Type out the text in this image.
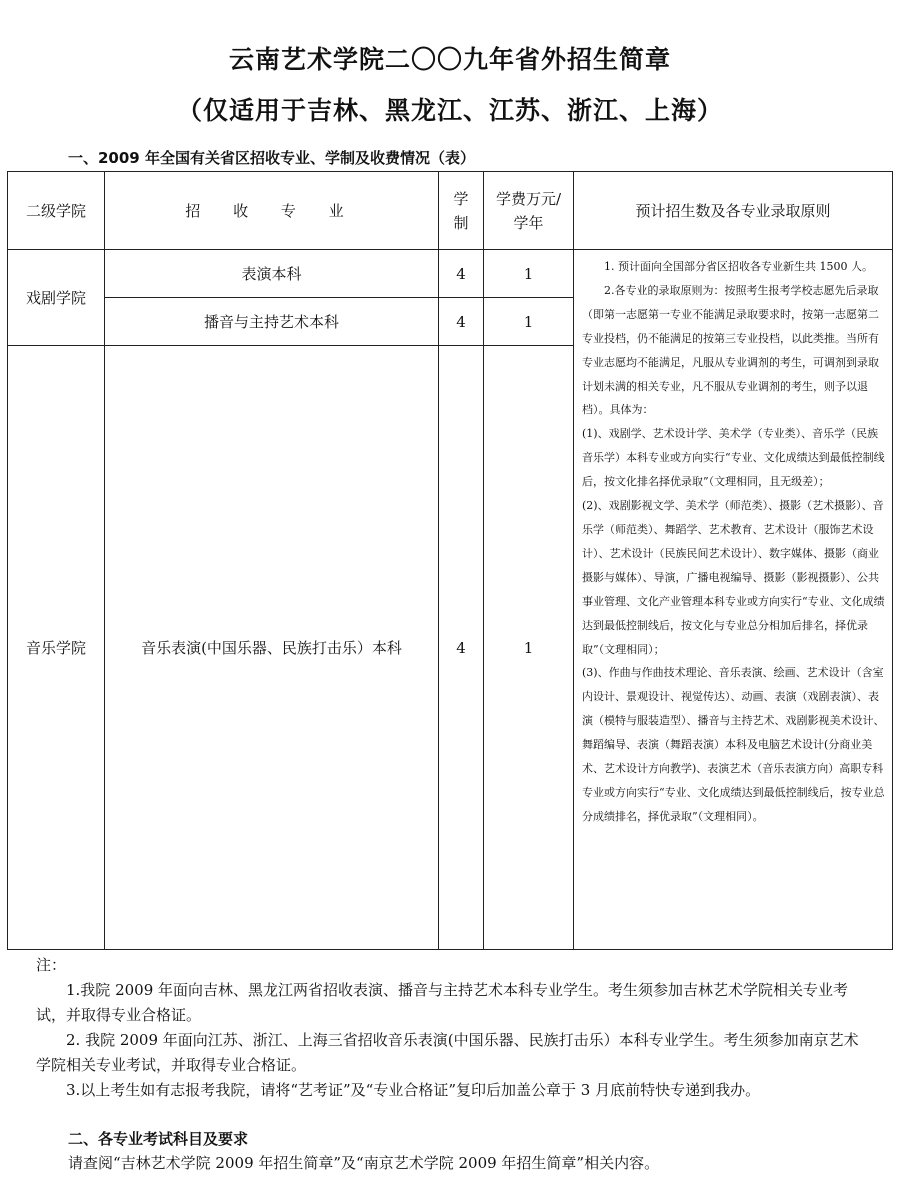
云南艺术学院二〇〇九年省外招生简章
（仅适用于吉林、黑龙江、江苏、浙江、上海）
一、2009 年全国有关省区招收专业、学制及收费情况（表）
二级学院	招 收 专 业	学制	学费万元/学年	预计招生数及各专业录取原则
戏剧学院	表演本科	4	1	1. 预计面向全国部分省区招收各专业新生共 1500 人。

2.各专业的录取原则为：按照考生报考学校志愿先后录取（即第一志愿第一专业不能满足录取要求时，按第一志愿第二专业投档，仍不能满足的按第三专业投档，以此类推。当所有专业志愿均不能满足，凡服从专业调剂的考生，可调剂到录取计划未满的相关专业，凡不服从专业调剂的考生，则予以退档）。具体为：

(1)、戏剧学、艺术设计学、美术学（专业类）、音乐学（民族音乐学）本科专业或方向实行“专业、文化成绩达到最低控制线后，按文化排名择优录取”（文理相同，且无级差）；

(2)、戏剧影视文学、美术学（师范类）、摄影（艺术摄影）、音乐学（师范类）、舞蹈学、艺术教育、艺术设计（服饰艺术设计）、艺术设计（民族民间艺术设计）、数字媒体、摄影（商业摄影与媒体）、导演，广播电视编导、摄影（影视摄影）、公共事业管理、文化产业管理本科专业或方向实行“专业、文化成绩达到最低控制线后，按文化与专业总分相加后排名，择优录取”（文理相同）；

(3)、作曲与作曲技术理论、音乐表演、绘画、艺术设计（含室内设计、景观设计、视觉传达）、动画、表演（戏剧表演）、表演（模特与服装造型）、播音与主持艺术、戏剧影视美术设计、舞蹈编导、表演（舞蹈表演）本科及电脑艺术设计(分商业美术、艺术设计方向教学)、表演艺术（音乐表演方向）高职专科专业或方向实行“专业、文化成绩达到最低控制线后，按专业总分成绩排名，择优录取”（文理相同）。

	播音与主持艺术本科	4	1	
音乐学院	音乐表演(中国乐器、民族打击乐）本科	4	1	

注：

1.我院 2009 年面向吉林、黑龙江两省招收表演、播音与主持艺术本科专业学生。考生须参加吉林艺术学院相关专业考试，并取得专业合格证。

2. 我院 2009 年面向江苏、浙江、上海三省招收音乐表演(中国乐器、民族打击乐）本科专业学生。考生须参加南京艺术学院相关专业考试，并取得专业合格证。

3.以上考生如有志报考我院，请将“艺考证”及“专业合格证”复印后加盖公章于 3 月底前特快专递到我办。

二、各专业考试科目及要求
请查阅“吉林艺术学院 2009 年招生简章”及“南京艺术学院 2009 年招生简章”相关内容。
